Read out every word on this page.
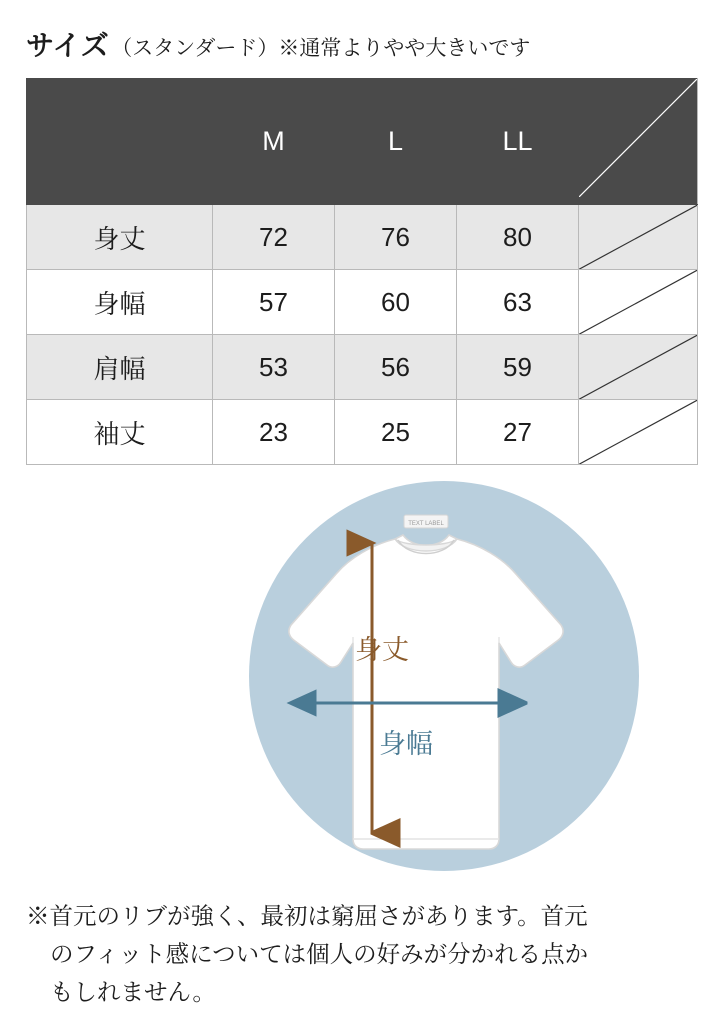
サイズ （スタンダード）※通常よりやや大きいです
	M	L	LL	
身丈	72	76	80	

身幅	57	60	63	

肩幅	53	56	59	

袖丈	23	25	27	
TEXT LABEL
身丈
身幅
※首元のリブが強く、最初は窮屈さがあります。首元
のフィット感については個人の好みが分かれる点か
もしれません。
